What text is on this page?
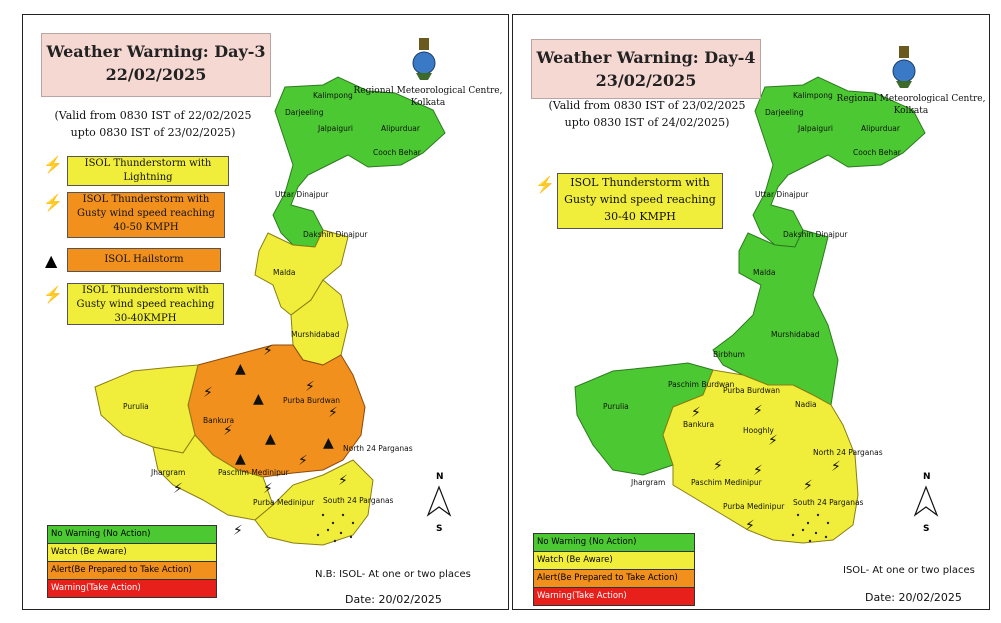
Kalimpong
Darjeeling
Jalpaiguri	Alipurduar
Cooch Behar
Uttar Dinajpur
Dakshin Dinajpur
Malda
Murshidabad
Purulia
Purba Burdwan
Bankura
North 24 Parganas
Jhargram	Paschim Medinipur
Purba Medinipur South 24 Parganas
⚡
▲
⚡
⚡	▲
⚡
⚡ ▲	▲
▲	⚡
⚡	⚡	⚡
⚡
N
S
Weather Warning: Day-3
22/02/2025
Regional Meteorological Centre,
Kolkata
(Valid from 0830 IST of 22/02/2025
upto 0830 IST of 23/02/2025)
⚡	ISOL Thunderstorm with Lightning
⚡	ISOL Thunderstorm with Gusty wind speed reaching 40-50 KMPH
▲	ISOL Hailstorm
⚡	ISOL Thunderstorm with Gusty wind speed reaching 30-40KMPH
No Warning (No Action)
Watch (Be Aware)
Alert(Be Prepared to Take Action)
Warning(Take Action)
N.B: ISOL- At one or two places
Date: 20/02/2025
Kalimpong
Darjeeling
Jalpaiguri	Alipurduar
Cooch Behar
Uttar Dinajpur
Dakshin Dinajpur
Malda
Murshidabad
Birbhum
Paschim Burdwan
Purulia
Purba Burdwan
Nadia
Bankura
Hooghly
North 24 Parganas
Jhargram	Paschim Medinipur
Purba Medinipur South 24 Parganas
⚡	⚡
⚡
⚡ ⚡	⚡
⚡
⚡
N
S
Weather Warning: Day-4
23/02/2025
Regional Meteorological Centre,
Kolkata
(Valid from 0830 IST of 23/02/2025
upto 0830 IST of 24/02/2025)
⚡	ISOL Thunderstorm with Gusty wind speed reaching 30-40 KMPH
No Warning (No Action)
Watch (Be Aware)
Alert(Be Prepared to Take Action)
Warning(Take Action)
ISOL- At one or two places
Date: 20/02/2025
